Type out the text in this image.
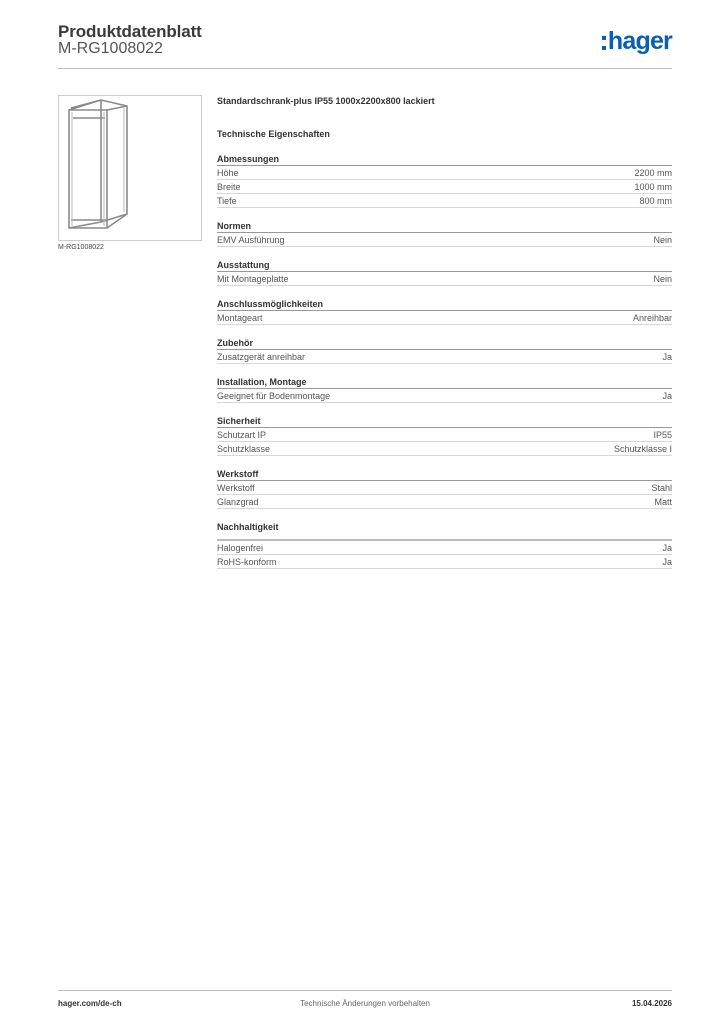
Produktdatenblatt
M-RG1008022	hager
M-RG1008022
Standardschrank-plus IP55 1000x2200x800 lackiert
Technische Eigenschaften
Abmessungen
Höhe	2200 mm
Breite	1000 mm
Tiefe	800 mm
Normen
EMV Ausführung	Nein
Ausstattung
Mit Montageplatte	Nein
Anschlussmöglichkeiten
Montageart	Anreihbar
Zubehör
Zusatzgerät anreihbar	Ja
Installation, Montage
Geeignet für Bodenmontage	Ja
Sicherheit
Schutzart IP	IP55
Schutzklasse	Schutzklasse I
Werkstoff
Werkstoff	Stahl
Glanzgrad	Matt
Nachhaltigkeit
Halogenfrei	Ja
RoHS-konform	Ja
hager.com/de-ch	Technische Änderungen vorbehalten	15.04.2026
